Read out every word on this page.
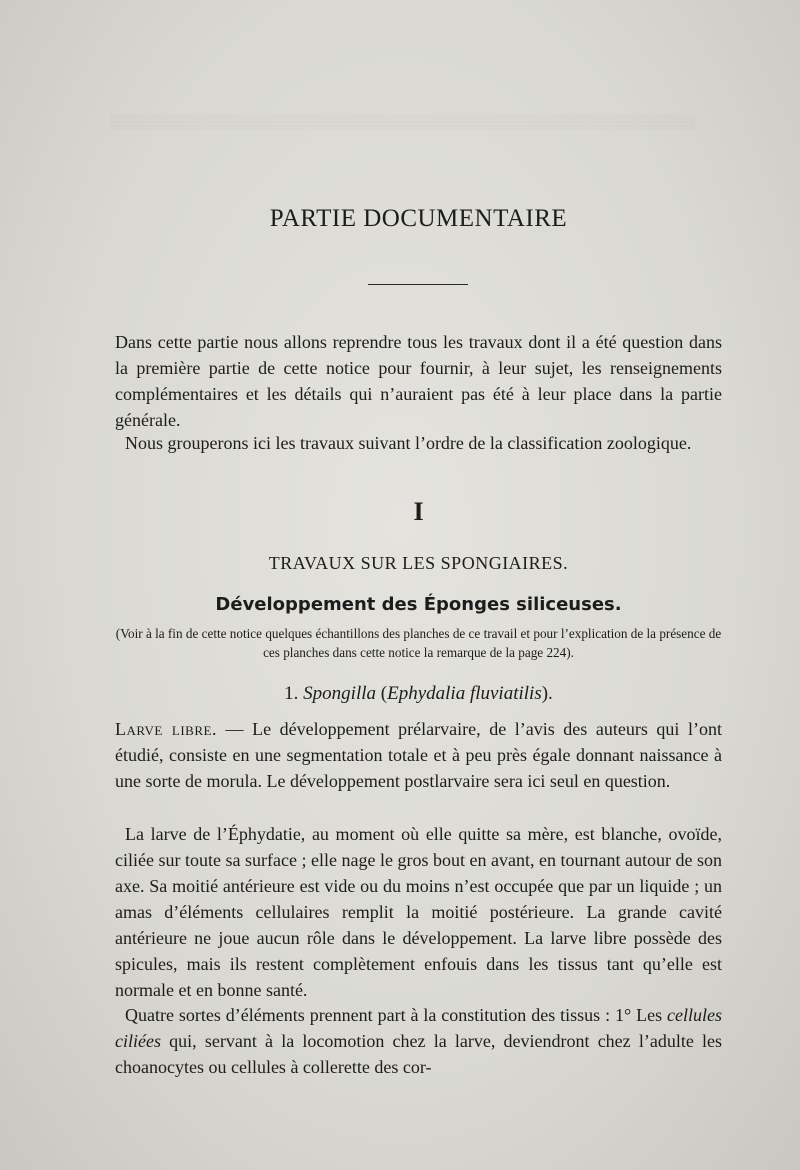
▒▒▒▒▒▒▒▒▒▒▒▒▒▒▒▒▒▒▒▒▒▒▒▒▒▒▒▒▒▒▒▒▒▒▒▒▒▒▒▒▒▒▒▒▒▒▒▒▒▒▒▒▒▒▒▒▒▒▒
PARTIE DOCUMENTAIRE

Dans cette partie nous allons reprendre tous les travaux dont il a été question dans la première partie de cette notice pour fournir, à leur sujet, les renseignements complémentaires et les détails qui n’auraient pas été à leur place dans la partie générale.

Nous grouperons ici les travaux suivant l’ordre de la classification zoologique.

I
TRAVAUX SUR LES SPONGIAIRES.
Développement des Éponges siliceuses.
(Voir à la fin de cette notice quelques échantillons des planches de ce travail et pour l’explication de la présence de ces planches dans cette notice la remarque de la page 224).
1. Spongilla (Ephydalia fluviatilis).

Larve libre. — Le développement prélarvaire, de l’avis des auteurs qui l’ont étudié, consiste en une segmentation totale et à peu près égale donnant naissance à une sorte de morula. Le développement postlarvaire sera ici seul en question.

La larve de l’Éphydatie, au moment où elle quitte sa mère, est blanche, ovoïde, ciliée sur toute sa surface ; elle nage le gros bout en avant, en tournant autour de son axe. Sa moitié antérieure est vide ou du moins n’est occupée que par un liquide ; un amas d’éléments cellulaires remplit la moitié postérieure. La grande cavité antérieure ne joue aucun rôle dans le développement. La larve libre possède des spicules, mais ils restent complètement enfouis dans les tissus tant qu’elle est normale et en bonne santé.

Quatre sortes d’éléments prennent part à la constitution des tissus : 1° Les cellules ciliées qui, servant à la locomotion chez la larve, deviendront chez l’adulte les choanocytes ou cellules à collerette des cor-
